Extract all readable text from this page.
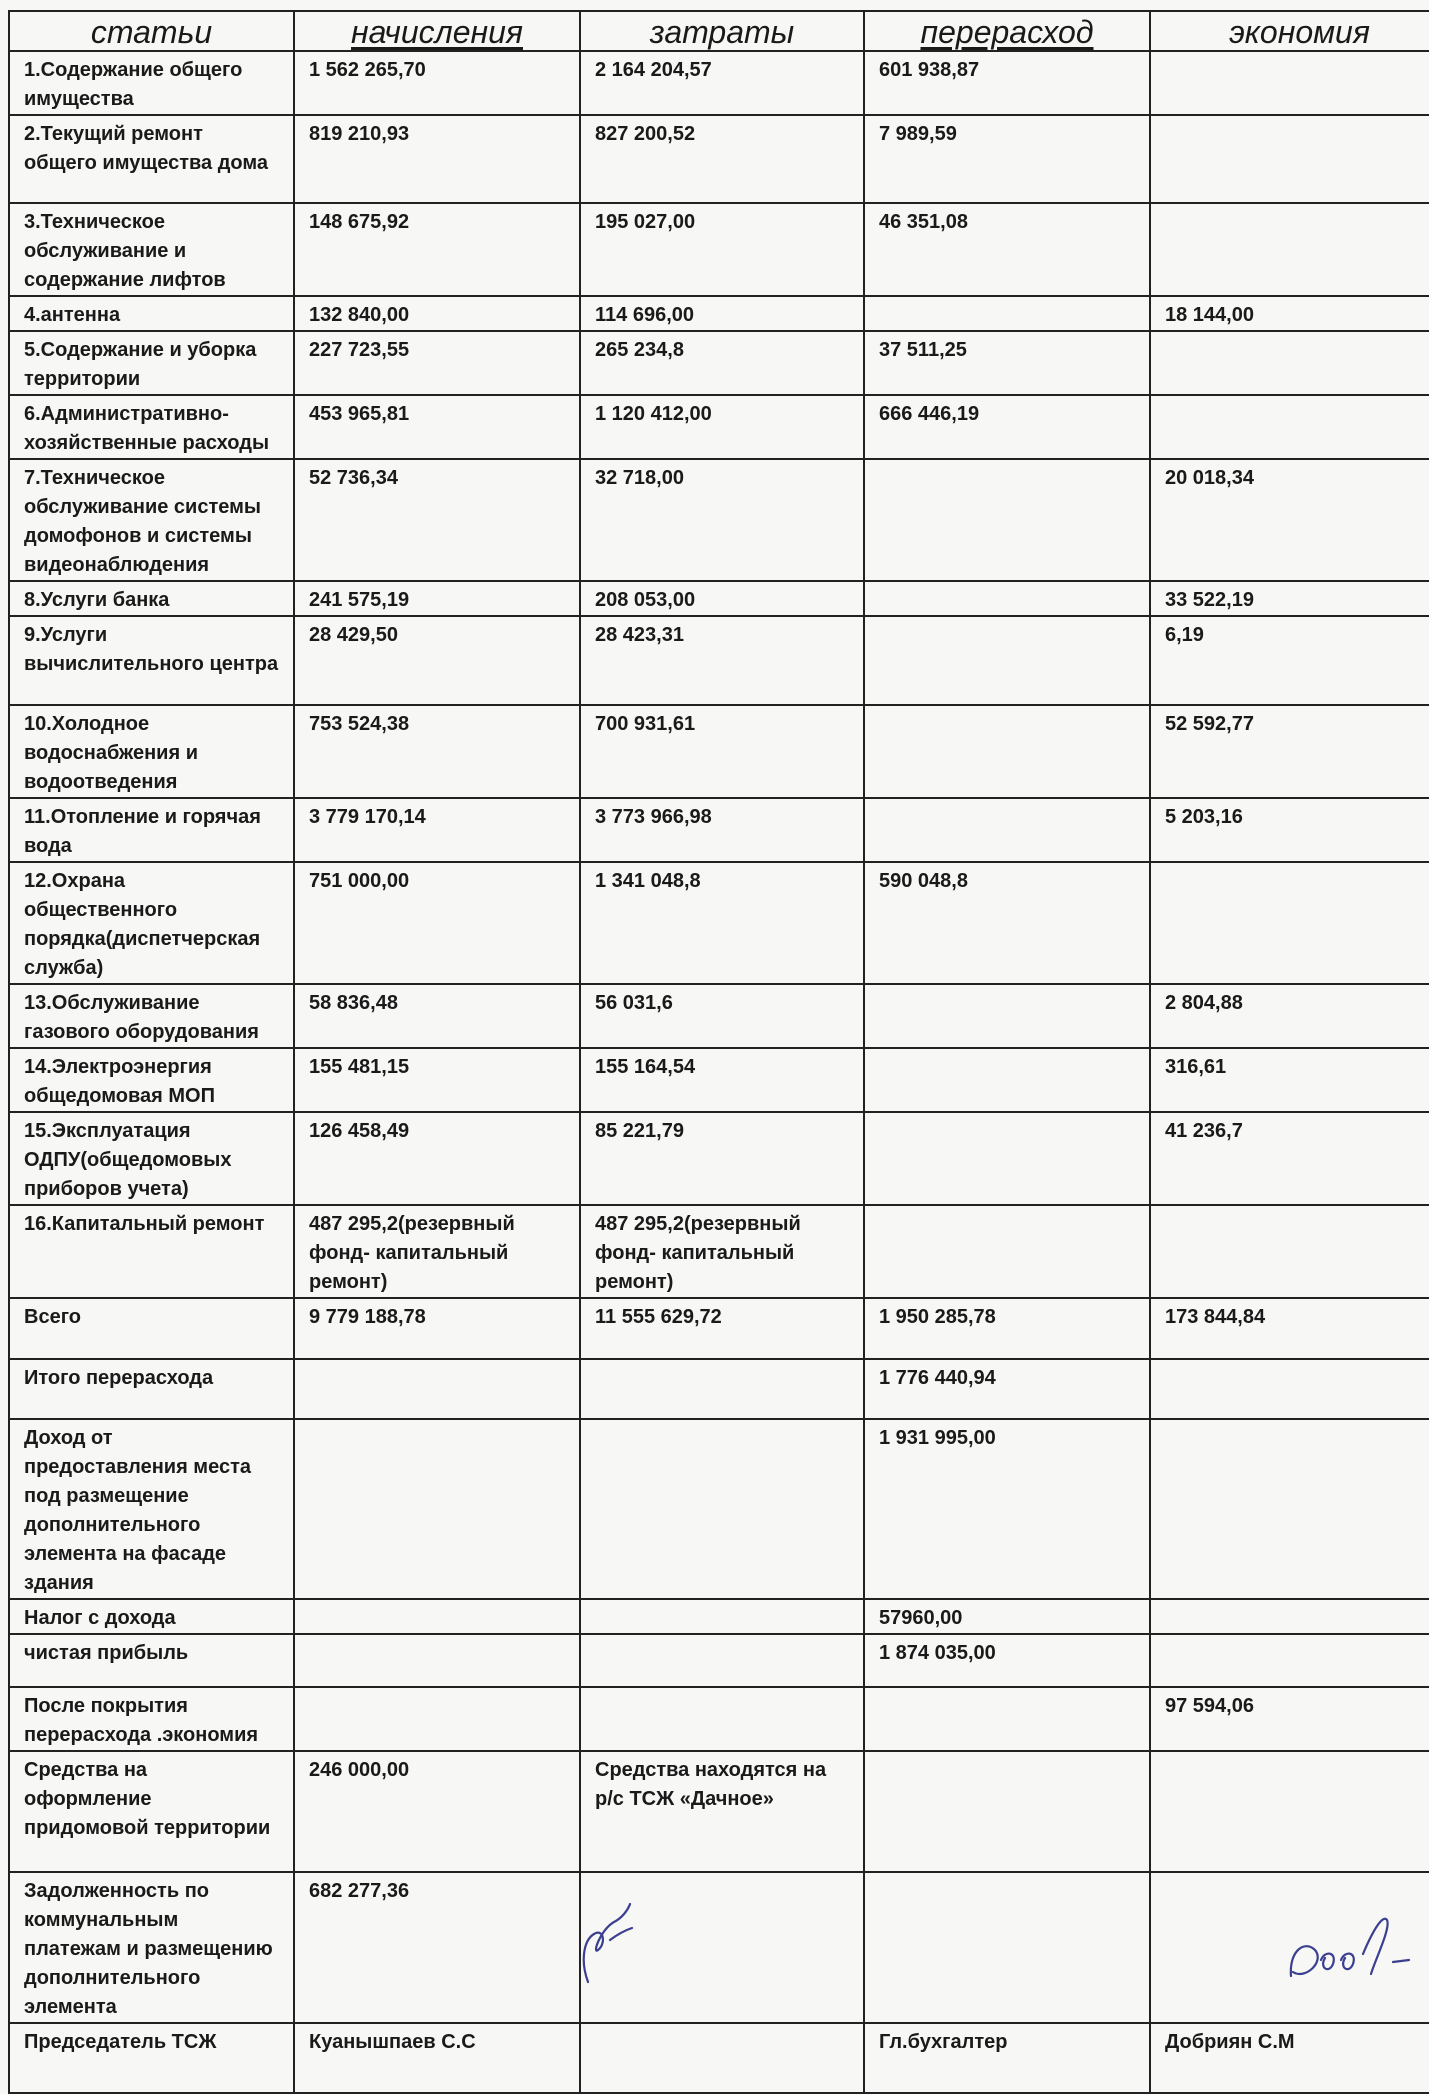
статьи	начисления	затраты	перерасход	экономия
1.Содержание общего имущества	1 562 265,70	2 164 204,57	601 938,87	
2.Текущий ремонт общего имущества дома	819 210,93	827 200,52	7 989,59	
3.Техническое обслуживание и содержание лифтов	148 675,92	195 027,00	46 351,08	
4.антенна	132 840,00	114 696,00		18 144,00
5.Содержание и уборка территории	227 723,55	265 234,8	37 511,25	
6.Административно-хозяйственные расходы	453 965,81	1 120 412,00	666 446,19	
7.Техническое обслуживание системы домофонов и системы видеонаблюдения	52 736,34	32 718,00		20 018,34
8.Услуги банка	241 575,19	208 053,00		33 522,19
9.Услуги вычислительного центра	28 429,50	28 423,31		6,19
10.Холодное водоснабжения и водоотведения	753 524,38	700 931,61		52 592,77
11.Отопление и горячая вода	3 779 170,14	3 773 966,98		5 203,16
12.Охрана общественного порядка(диспетчерская служба)	751 000,00	1 341 048,8	590 048,8	
13.Обслуживание газового оборудования	58 836,48	56 031,6		2 804,88
14.Электроэнергия общедомовая МОП	155 481,15	155 164,54		316,61
15.Эксплуатация ОДПУ(общедомовых приборов учета)	126 458,49	85 221,79		41 236,7
16.Капитальный ремонт	487 295,2(резервный фонд- капитальный ремонт)	487 295,2(резервный фонд- капитальный ремонт)		
Всего	9 779 188,78	11 555 629,72	1 950 285,78	173 844,84
Итого перерасхода			1 776 440,94	
Доход от предоставления места под размещение дополнительного элемента на фасаде здания			1 931 995,00	
Налог с дохода			57960,00	
чистая прибыль			1 874 035,00	
После покрытия перерасхода .экономия				97 594,06
Средства на оформление придомовой территории	246 000,00	Средства находятся на р/с ТСЖ «Дачное»		
Задолженность по коммунальным платежам и размещению дополнительного элемента	682 277,36			
Председатель ТСЖ	Куанышпаев С.С		Гл.бухгалтер	Добриян С.М
